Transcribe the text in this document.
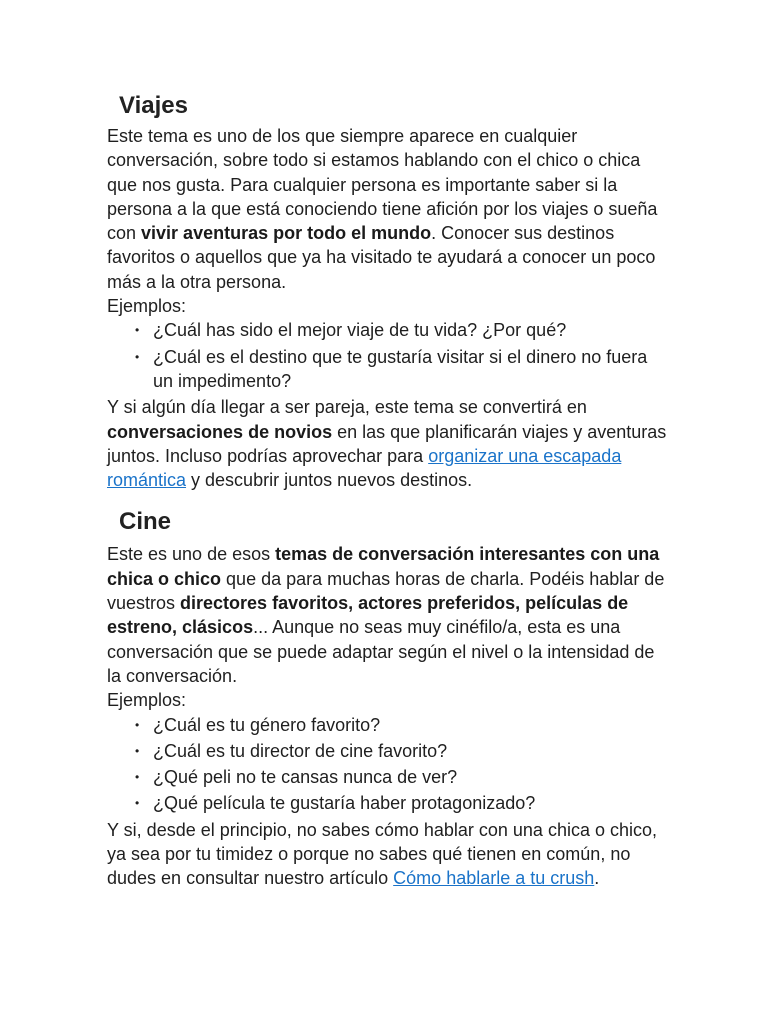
Viajes

Este tema es uno de los que siempre aparece en cualquier conversación, sobre todo si estamos hablando con el chico o chica que nos gusta. Para cualquier persona es importante saber si la persona a la que está conociendo tiene afición por los viajes o sueña con vivir aventuras por todo el mundo. Conocer sus destinos favoritos o aquellos que ya ha visitado te ayudará a conocer un poco más a la otra persona.

Ejemplos:

• ¿Cuál has sido el mejor viaje de tu vida? ¿Por qué?
• ¿Cuál es el destino que te gustaría visitar si el dinero no fuera un impedimento?

Y si algún día llegar a ser pareja, este tema se convertirá en conversaciones de novios en las que planificarán viajes y aventuras juntos. Incluso podrías aprovechar para organizar una escapada romántica y descubrir juntos nuevos destinos.

Cine

Este es uno de esos temas de conversación interesantes con una chica o chico que da para muchas horas de charla. Podéis hablar de vuestros directores favoritos, actores preferidos, películas de estreno, clásicos... Aunque no seas muy cinéfilo/a, esta es una conversación que se puede adaptar según el nivel o la intensidad de la conversación.

Ejemplos:

• ¿Cuál es tu género favorito?
• ¿Cuál es tu director de cine favorito?
• ¿Qué peli no te cansas nunca de ver?
• ¿Qué película te gustaría haber protagonizado?

Y si, desde el principio, no sabes cómo hablar con una chica o chico, ya sea por tu timidez o porque no sabes qué tienen en común, no dudes en consultar nuestro artículo Cómo hablarle a tu crush.
